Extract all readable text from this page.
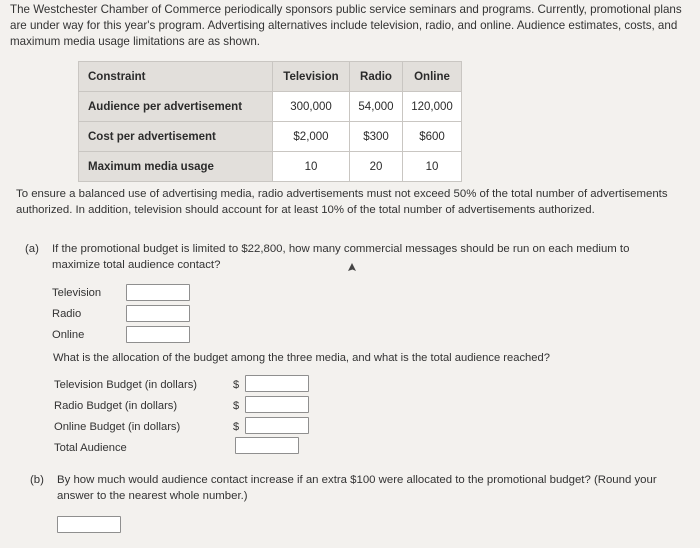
The Westchester Chamber of Commerce periodically sponsors public service seminars and programs. Currently, promotional plans are under way for this year's program. Advertising alternatives include television, radio, and online. Audience estimates, costs, and maximum media usage limitations are as shown.
Constraint	Television	Radio	Online
Audience per advertisement	300,000	54,000	120,000
Cost per advertisement	$2,000	$300	$600
Maximum media usage	10	20	10
To ensure a balanced use of advertising media, radio advertisements must not exceed 50% of the total number of advertisements authorized. In addition, television should account for at least 10% of the total number of advertisements authorized.
(a) If the promotional budget is limited to $22,800, how many commercial messages should be run on each medium to maximize total audience contact?
Television
Radio
Online
What is the allocation of the budget among the three media, and what is the total audience reached?
Television Budget (in dollars)	$
Radio Budget (in dollars)	$
Online Budget (in dollars)	$
Total Audience
(b) By how much would audience contact increase if an extra $100 were allocated to the promotional budget? (Round your answer to the nearest whole number.)
